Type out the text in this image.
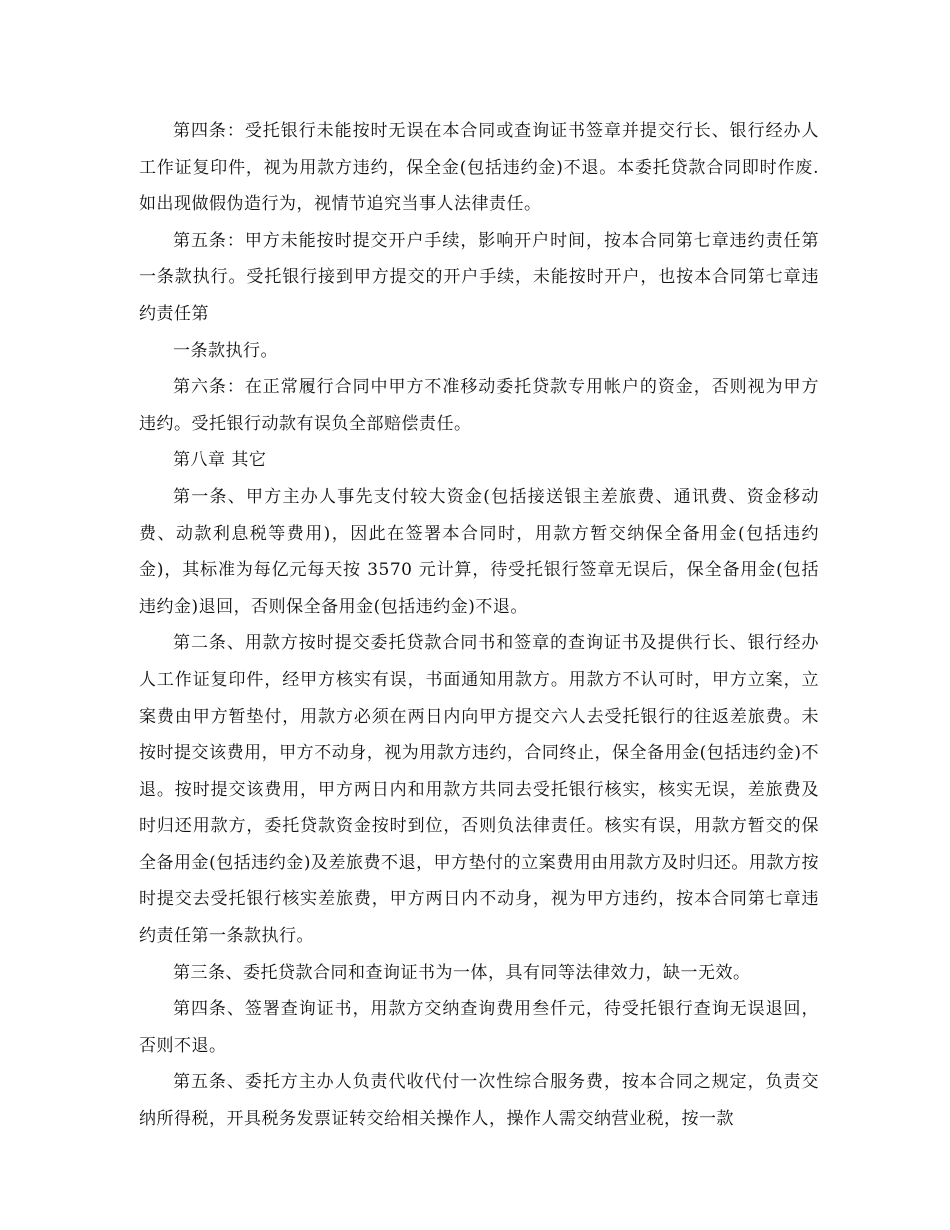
第四条：受托银行未能按时无误在本合同或查询证书签章并提交行长、银行经办人工作证复印件，视为用款方违约，保全金(包括违约金)不退。本委托贷款合同即时作废.如出现做假伪造行为，视情节追究当事人法律责任。

第五条：甲方未能按时提交开户手续，影响开户时间，按本合同第七章违约责任第一条款执行。受托银行接到甲方提交的开户手续，未能按时开户，也按本合同第七章违约责任第

一条款执行。

第六条：在正常履行合同中甲方不准移动委托贷款专用帐户的资金，否则视为甲方违约。受托银行动款有误负全部赔偿责任。

第八章 其它

第一条、甲方主办人事先支付较大资金(包括接送银主差旅费、通讯费、资金移动费、动款利息税等费用)，因此在签署本合同时，用款方暂交纳保全备用金(包括违约金)，其标准为每亿元每天按 3570 元计算，待受托银行签章无误后，保全备用金(包括违约金)退回，否则保全备用金(包括违约金)不退。

第二条、用款方按时提交委托贷款合同书和签章的查询证书及提供行长、银行经办人工作证复印件，经甲方核实有误，书面通知用款方。用款方不认可时，甲方立案，立案费由甲方暂垫付，用款方必须在两日内向甲方提交六人去受托银行的往返差旅费。未按时提交该费用，甲方不动身，视为用款方违约，合同终止，保全备用金(包括违约金)不退。按时提交该费用，甲方两日内和用款方共同去受托银行核实，核实无误，差旅费及时归还用款方，委托贷款资金按时到位，否则负法律责任。核实有误，用款方暂交的保全备用金(包括违约金)及差旅费不退，甲方垫付的立案费用由用款方及时归还。用款方按时提交去受托银行核实差旅费，甲方两日内不动身，视为甲方违约，按本合同第七章违约责任第一条款执行。

第三条、委托贷款合同和查询证书为一体，具有同等法律效力，缺一无效。

第四条、签署查询证书，用款方交纳查询费用叁仟元，待受托银行查询无误退回，否则不退。

第五条、委托方主办人负责代收代付一次性综合服务费，按本合同之规定，负责交纳所得税，开具税务发票证转交给相关操作人，操作人需交纳营业税，按一款
